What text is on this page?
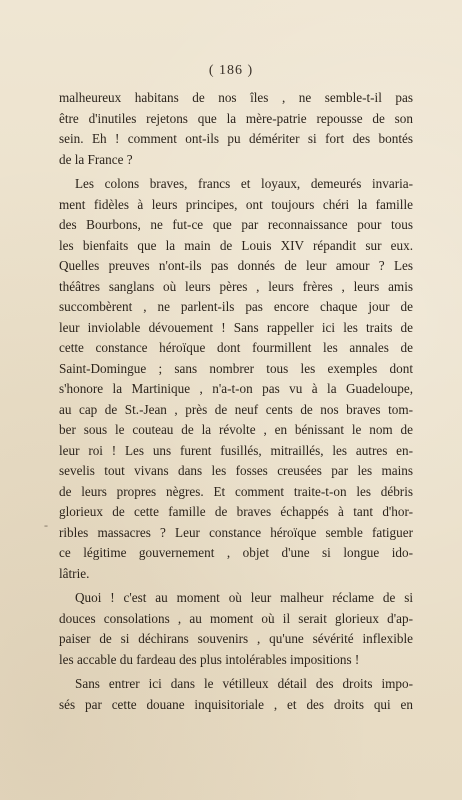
( 186 )
-
malheureux habitans de nos îles , ne semble-t-il pas
être d'inutiles rejetons que la mère-patrie repousse de son
sein. Eh ! comment ont-ils pu démériter si fort des bontés
de la France ?
Les colons braves, francs et loyaux, demeurés invaria-
ment fidèles à leurs principes, ont toujours chéri la famille
des Bourbons, ne fut-ce que par reconnaissance pour tous
les bienfaits que la main de Louis XIV répandit sur eux.
Quelles preuves n'ont-ils pas donnés de leur amour ? Les
théâtres sanglans où leurs pères , leurs frères , leurs amis
succombèrent , ne parlent-ils pas encore chaque jour de
leur inviolable dévouement ! Sans rappeller ici les traits de
cette constance héroïque dont fourmillent les annales de
Saint-Domingue ; sans nombrer tous les exemples dont
s'honore la Martinique , n'a-t-on pas vu à la Guadeloupe,
au cap de St.-Jean , près de neuf cents de nos braves tom-
ber sous le couteau de la révolte , en bénissant le nom de
leur roi ! Les uns furent fusillés, mitraillés, les autres en-
sevelis tout vivans dans les fosses creusées par les mains
de leurs propres nègres. Et comment traite-t-on les débris
glorieux de cette famille de braves échappés à tant d'hor-
ribles massacres ? Leur constance héroïque semble fatiguer
ce légitime gouvernement , objet d'une si longue ido-
lâtrie.
Quoi ! c'est au moment où leur malheur réclame de si
douces consolations , au moment où il serait glorieux d'ap-
paiser de si déchirans souvenirs , qu'une sévérité inflexible
les accable du fardeau des plus intolérables impositions !
Sans entrer ici dans le vétilleux détail des droits impo-
sés par cette douane inquisitoriale , et des droits qui en
